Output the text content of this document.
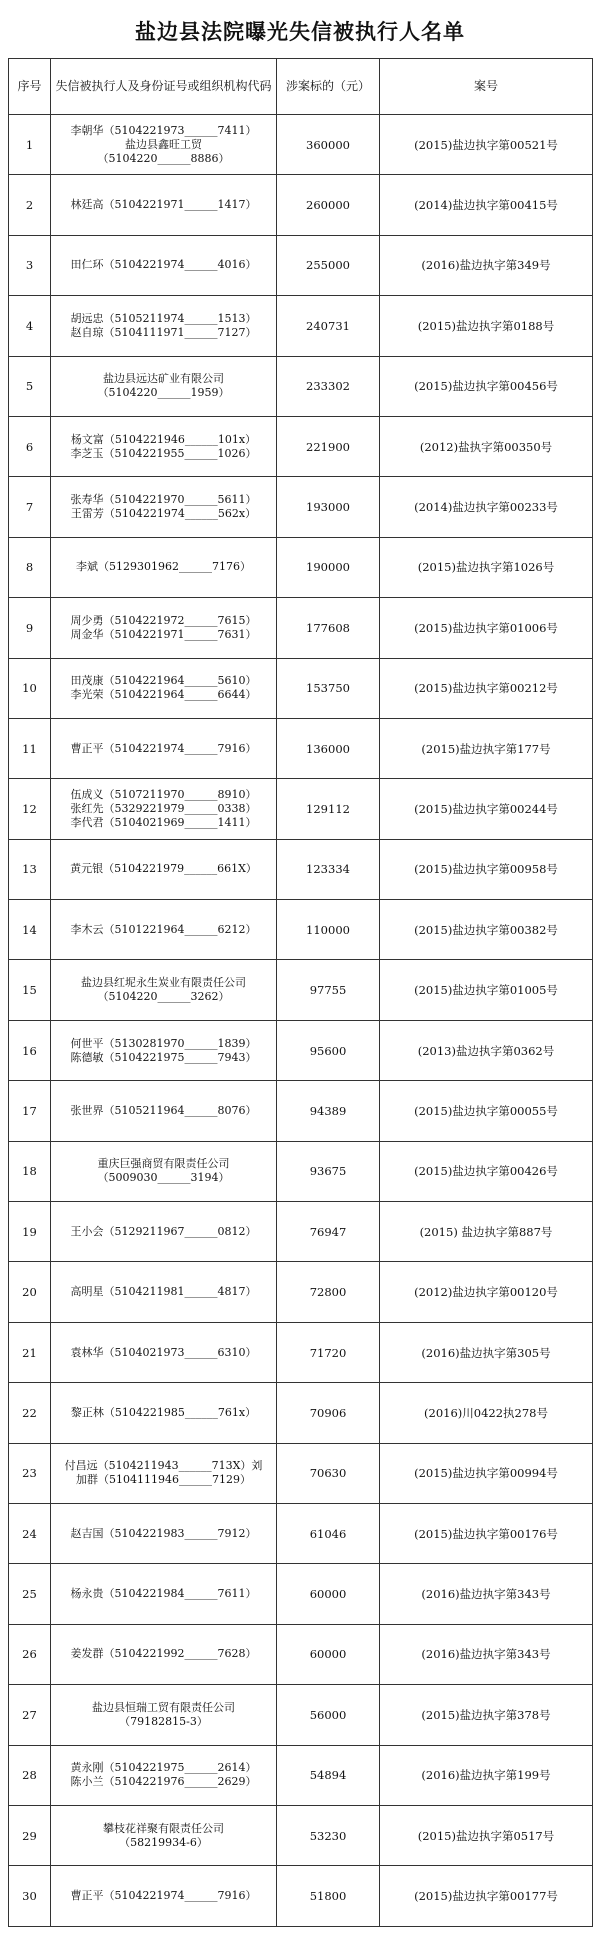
盐边县法院曝光失信被执行人名单
序号	失信被执行人及身份证号或组织机构代码	涉案标的（元）	案号
1	李朝华（5104221973______7411）
盐边县鑫旺工贸
（5104220______8886）	360000	(2015)盐边执字第00521号
2	林廷高（5104221971______1417）	260000	(2014)盐边执字第00415号
3	田仁环（5104221974______4016）	255000	(2016)盐边执字第349号
4	胡远忠（5105211974______1513）
赵自琼（5104111971______7127）	240731	(2015)盐边执字第0188号
5	盐边县远达矿业有限公司
（5104220______1959）	233302	(2015)盐边执字第00456号
6	杨文富（5104221946______101x）
李芝玉（5104221955______1026）	221900	(2012)盐执字第00350号
7	张寿华（5104221970______5611）
王雷芳（5104221974______562x）	193000	(2014)盐边执字第00233号
8	李斌（5129301962______7176）	190000	(2015)盐边执字第1026号
9	周少勇（5104221972______7615）
周金华（5104221971______7631）	177608	(2015)盐边执字第01006号
10	田茂康（5104221964______5610）
李光荣（5104221964______6644）	153750	(2015)盐边执字第00212号
11	曹正平（5104221974______7916）	136000	(2015)盐边执字第177号
12	伍成义（5107211970______8910）
张红先（5329221979______0338）
李代君（5104021969______1411）	129112	(2015)盐边执字第00244号
13	黄元银（5104221979______661X）	123334	(2015)盐边执字第00958号
14	李木云（5101221964______6212）	110000	(2015)盐边执字第00382号
15	盐边县红坭永生炭业有限责任公司
（5104220______3262）	97755	(2015)盐边执字第01005号
16	何世平（5130281970______1839）
陈德敏（5104221975______7943）	95600	(2013)盐边执字第0362号
17	张世界（5105211964______8076）	94389	(2015)盐边执字第00055号
18	重庆巨强商贸有限责任公司
（5009030______3194）	93675	(2015)盐边执字第00426号
19	王小会（5129211967______0812）	76947	(2015) 盐边执字第887号
20	高明星（5104211981______4817）	72800	(2012)盐边执字第00120号
21	袁林华（5104021973______6310）	71720	(2016)盐边执字第305号
22	黎正林（5104221985______761x）	70906	(2016)川0422执278号
23	付昌远（5104211943______713X）刘
加群（5104111946______7129）	70630	(2015)盐边执字第00994号
24	赵吉国（5104221983______7912）	61046	(2015)盐边执字第00176号
25	杨永贵（5104221984______7611）	60000	(2016)盐边执字第343号
26	姜发群（5104221992______7628）	60000	(2016)盐边执字第343号
27	盐边县恒瑞工贸有限责任公司
（79182815-3）	56000	(2015)盐边执字第378号
28	黄永刚（5104221975______2614）
陈小兰（5104221976______2629）	54894	(2016)盐边执字第199号
29	攀枝花祥聚有限责任公司
（58219934-6）	53230	(2015)盐边执字第0517号
30	曹正平（5104221974______7916）	51800	(2015)盐边执字第00177号
